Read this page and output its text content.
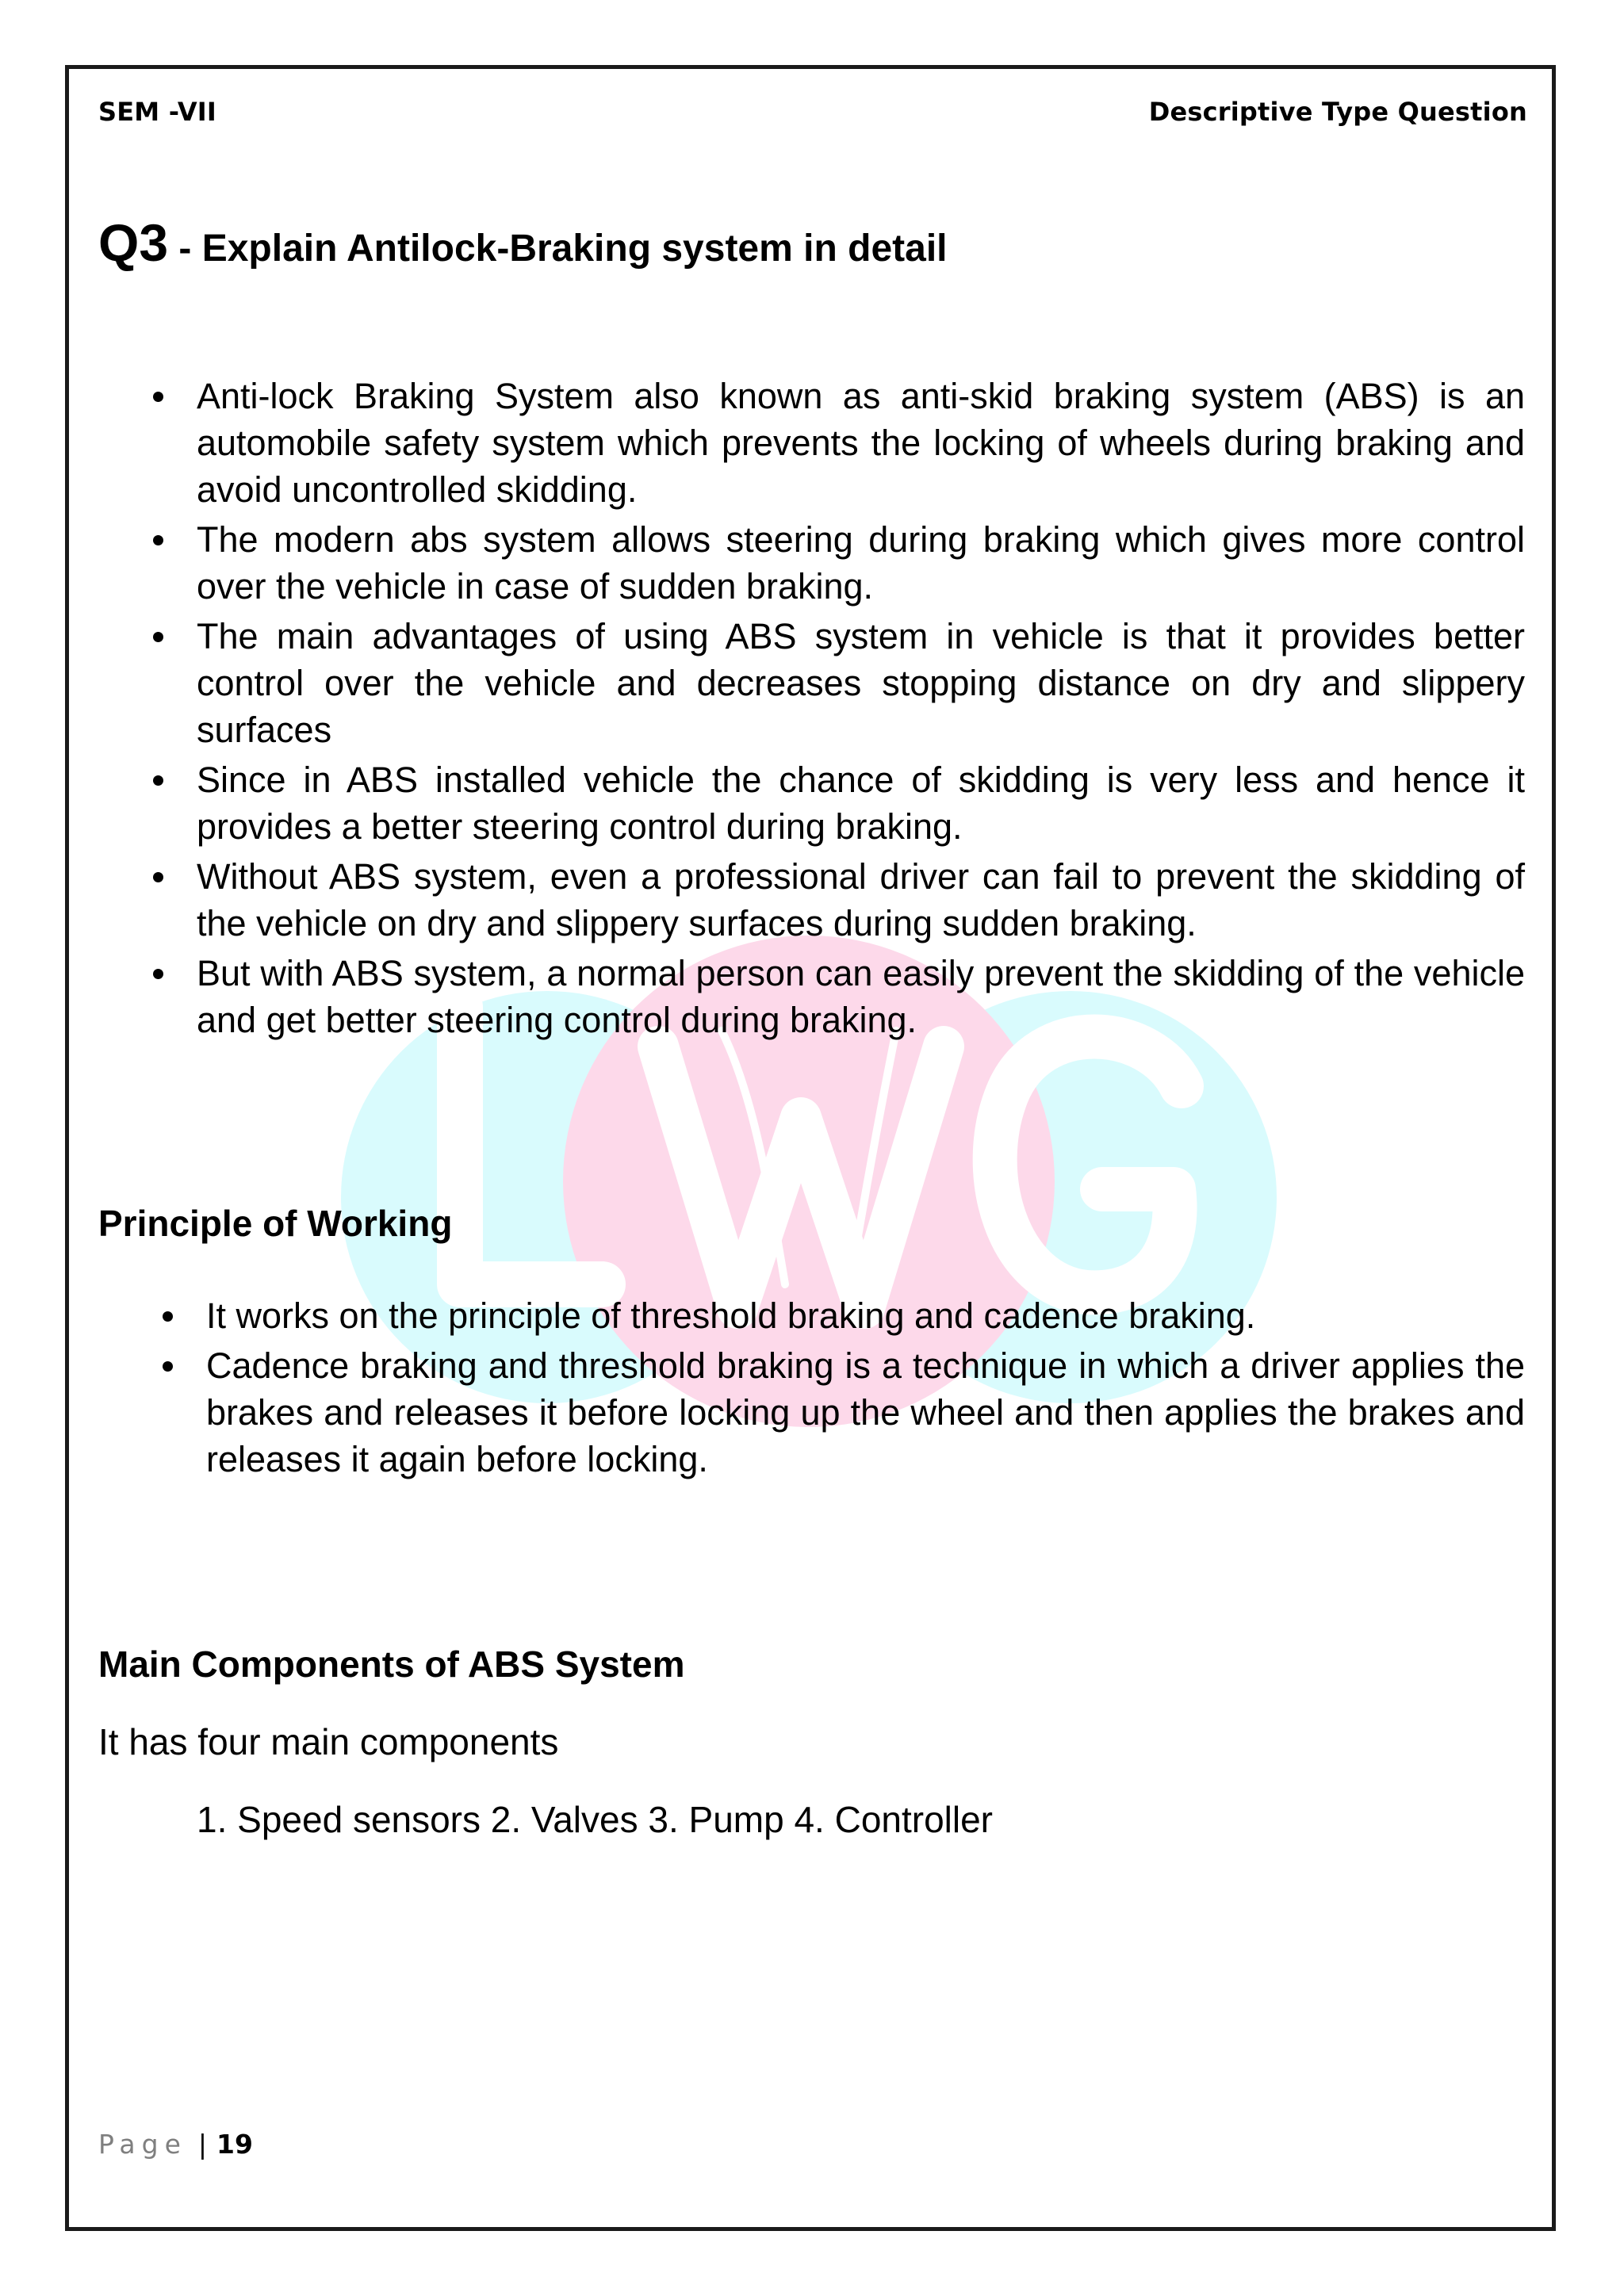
SEM -VII	Descriptive Type Question
Q3 - Explain Antilock-Braking system in detail
Anti-lock Braking System also known as anti-skid braking system (ABS) is an automobile safety system which prevents the locking of wheels during braking and avoid uncontrolled skidding.
The modern abs system allows steering during braking which gives more control over the vehicle in case of sudden braking.
The main advantages of using ABS system in vehicle is that it provides better control over the vehicle and decreases stopping distance on dry and slippery surfaces
Since in ABS installed vehicle the chance of skidding is very less and hence it provides a better steering control during braking.
Without ABS system, even a professional driver can fail to prevent the skidding of the vehicle on dry and slippery surfaces during sudden braking.
But with ABS system, a normal person can easily prevent the skidding of the vehicle and get better steering control during braking.
Principle of Working
It works on the principle of threshold braking and cadence braking.
Cadence braking and threshold braking is a technique in which a driver applies the brakes and releases it before locking up the wheel and then applies the brakes and releases it again before locking.
Main Components of ABS System
It has four main components
1. Speed sensors 2. Valves 3. Pump 4. Controller
Page | 19
